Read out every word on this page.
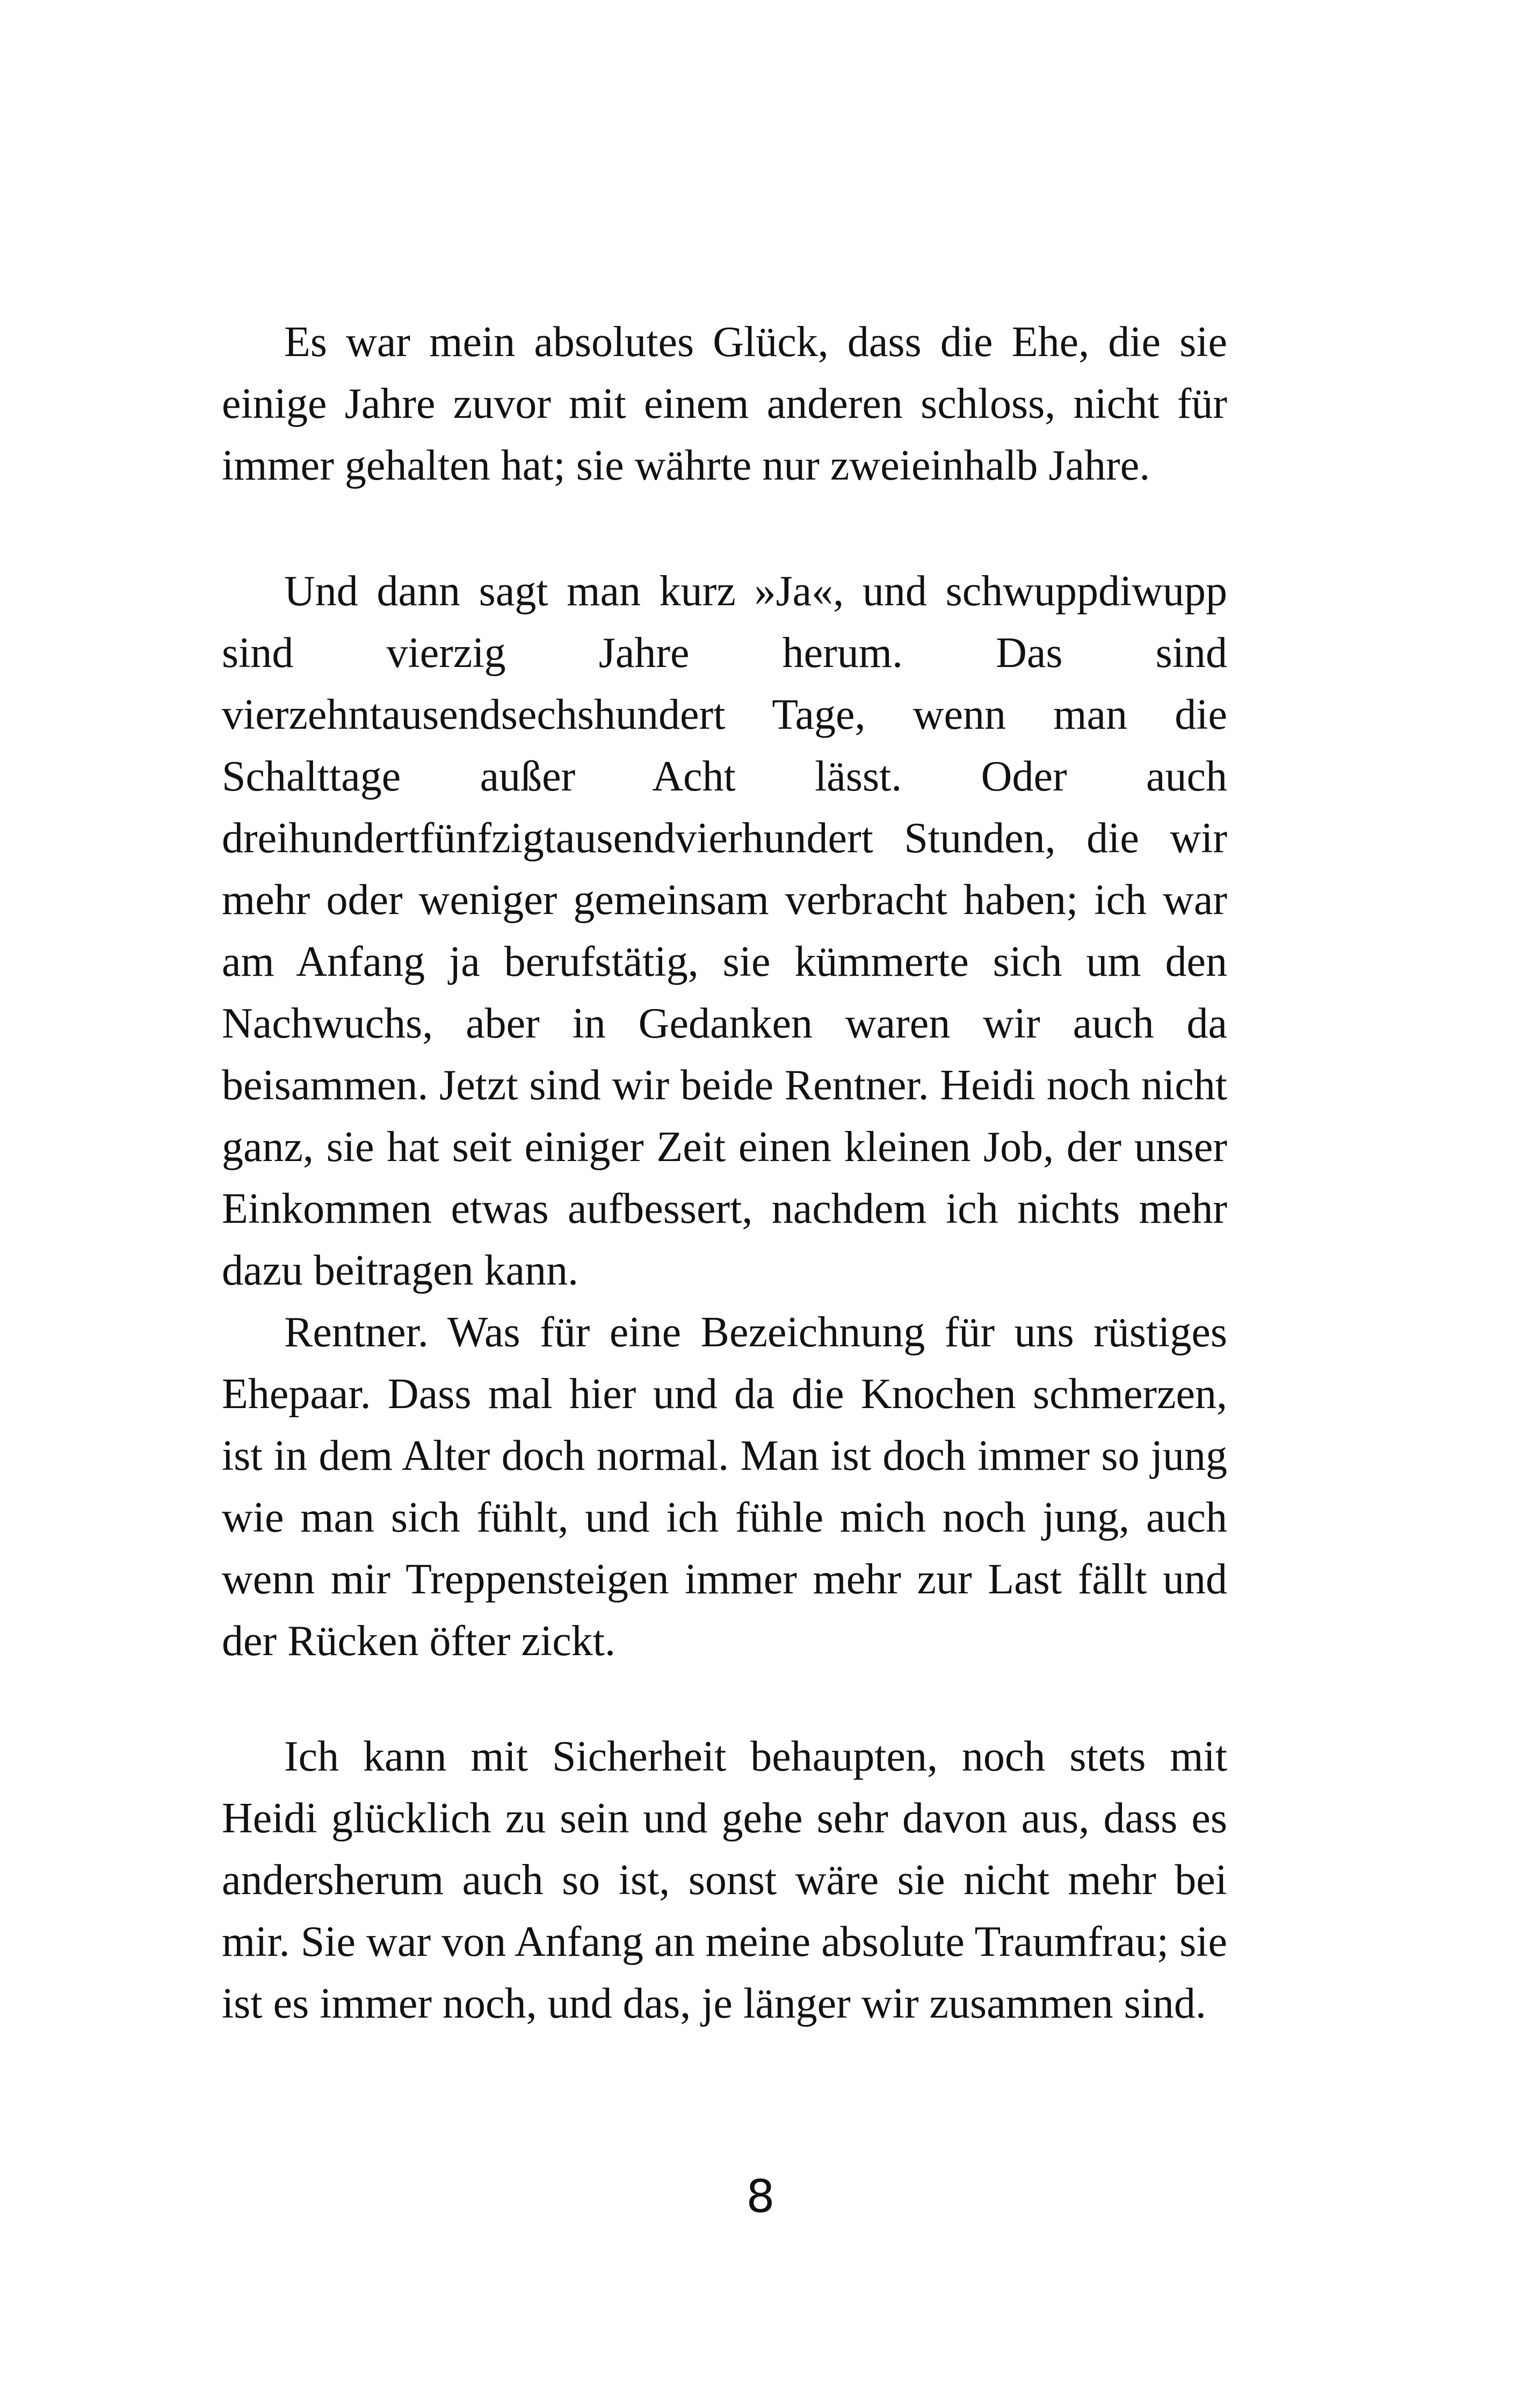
Es war mein absolutes Glück, dass die Ehe, die sie einige Jahre zuvor mit einem anderen schloss, nicht für immer gehalten hat; sie währte nur zweieinhalb Jahre.

Und dann sagt man kurz »Ja«, und schwuppdiwupp sind vierzig Jahre herum. Das sind vierzehntausendsechshundert Tage, wenn man die Schalttage außer Acht lässt. Oder auch dreihundertfünfzigtausendvierhundert Stunden, die wir mehr oder weniger gemeinsam verbracht haben; ich war am Anfang ja berufstätig, sie kümmerte sich um den Nachwuchs, aber in Gedanken waren wir auch da beisammen. Jetzt sind wir beide Rentner. Heidi noch nicht ganz, sie hat seit einiger Zeit einen kleinen Job, der unser Einkommen etwas aufbessert, nachdem ich nichts mehr dazu beitragen kann.

Rentner. Was für eine Bezeichnung für uns rüstiges Ehepaar. Dass mal hier und da die Knochen schmerzen, ist in dem Alter doch normal. Man ist doch immer so jung wie man sich fühlt, und ich fühle mich noch jung, auch wenn mir Treppensteigen immer mehr zur Last fällt und der Rücken öfter zickt.

Ich kann mit Sicherheit behaupten, noch stets mit Heidi glücklich zu sein und gehe sehr davon aus, dass es andersherum auch so ist, sonst wäre sie nicht mehr bei mir. Sie war von Anfang an meine absolute Traumfrau; sie ist es immer noch, und das, je länger wir zusammen sind.

8
